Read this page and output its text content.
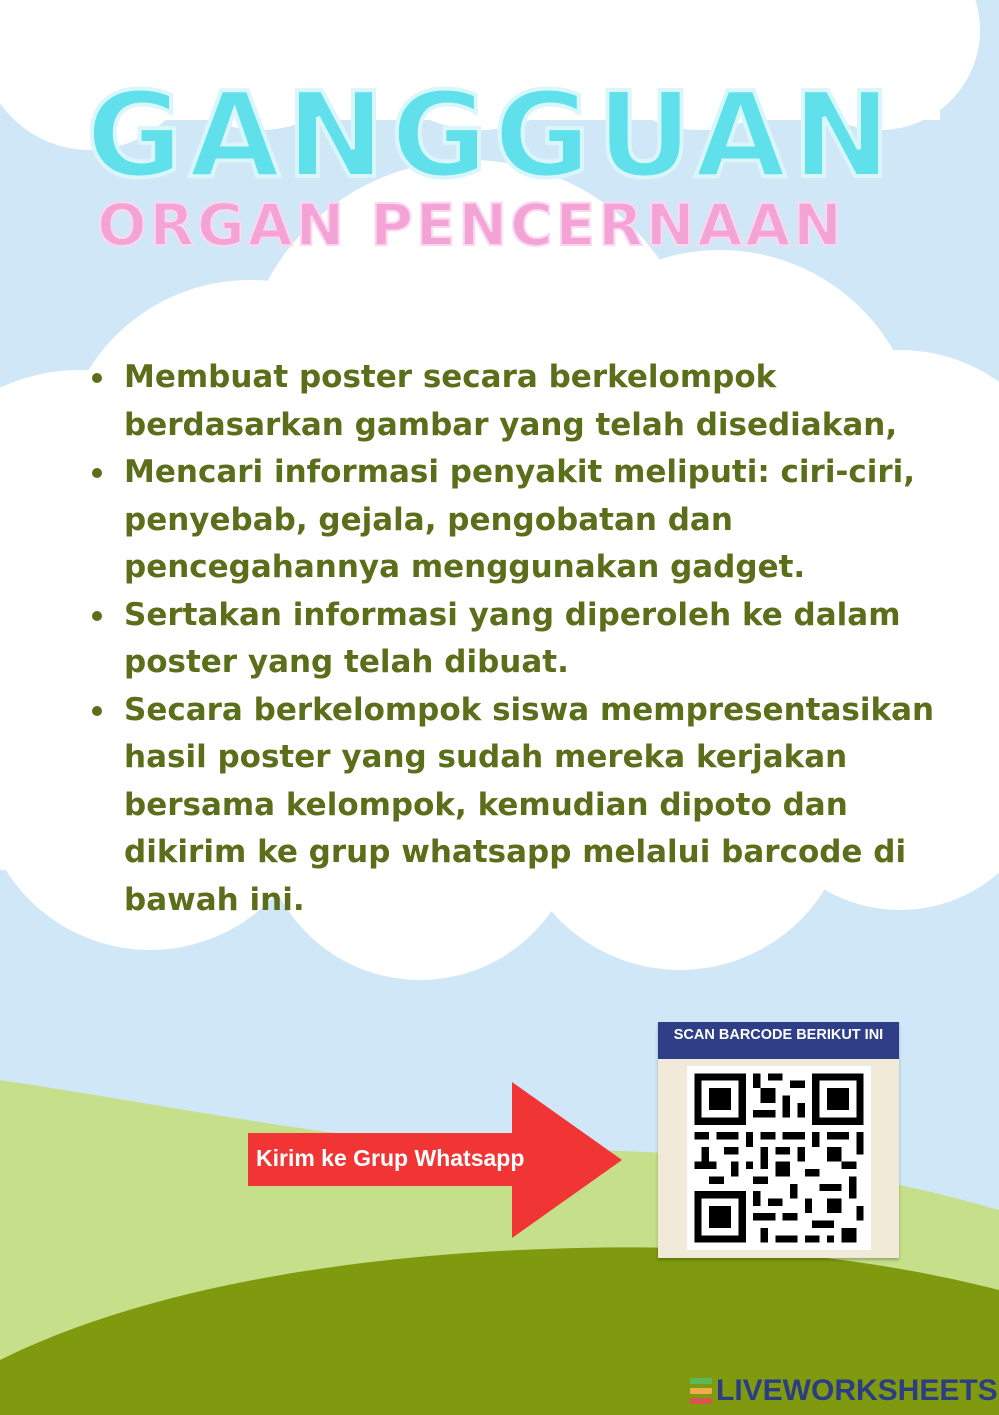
GANGGUAN
ORGAN PENCERNAAN
Membuat poster secara berkelompok berdasarkan gambar yang telah disediakan,
Mencari informasi penyakit meliputi: ciri-ciri, penyebab, gejala, pengobatan dan pencegahannya menggunakan gadget.
Sertakan informasi yang diperoleh ke dalam poster yang telah dibuat.
Secara berkelompok siswa mempresentasikan hasil poster yang sudah mereka kerjakan bersama kelompok, kemudian dipoto dan dikirim ke grup whatsapp melalui barcode di bawah ini.
Kirim ke Grup Whatsapp
SCAN BARCODE BERIKUT INI
LIVEWORKSHEETS
